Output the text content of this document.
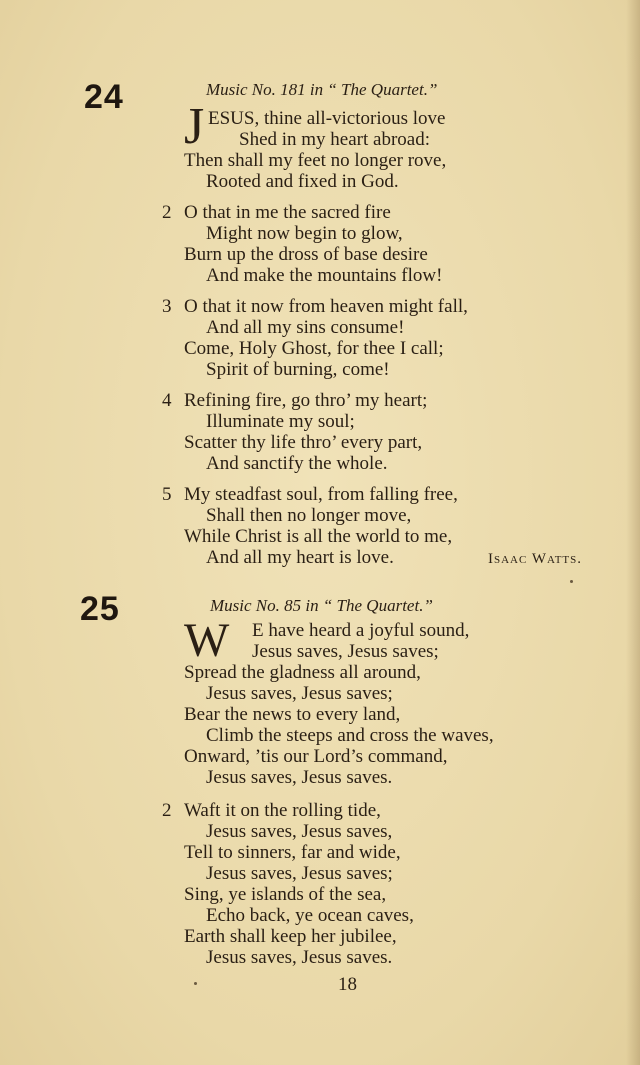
24	Music No. 181 in “ The Quartet.”
J ESUS, thine all-victorious love
Shed in my heart abroad:
Then shall my feet no longer rove,
Rooted and fixed in God.
2 O that in me the sacred fire
Might now begin to glow,
Burn up the dross of base desire
And make the mountains flow!
3 O that it now from heaven might fall,
And all my sins consume!
Come, Holy Ghost, for thee I call;
Spirit of burning, come!
4 Refining fire, go thro’ my heart;
Illuminate my soul;
Scatter thy life thro’ every part,
And sanctify the whole.
5 My steadfast soul, from falling free,
Shall then no longer move,
While Christ is all the world to me,
And all my heart is love.	Isaac Watts.
25	Music No. 85 in “ The Quartet.”
W E have heard a joyful sound,
Jesus saves, Jesus saves;
Spread the gladness all around,
Jesus saves, Jesus saves;
Bear the news to every land,
Climb the steeps and cross the waves,
Onward, ’tis our Lord’s command,
Jesus saves, Jesus saves.
2 Waft it on the rolling tide,
Jesus saves, Jesus saves,
Tell to sinners, far and wide,
Jesus saves, Jesus saves;
Sing, ye islands of the sea,
Echo back, ye ocean caves,
Earth shall keep her jubilee,
Jesus saves, Jesus saves.
18
